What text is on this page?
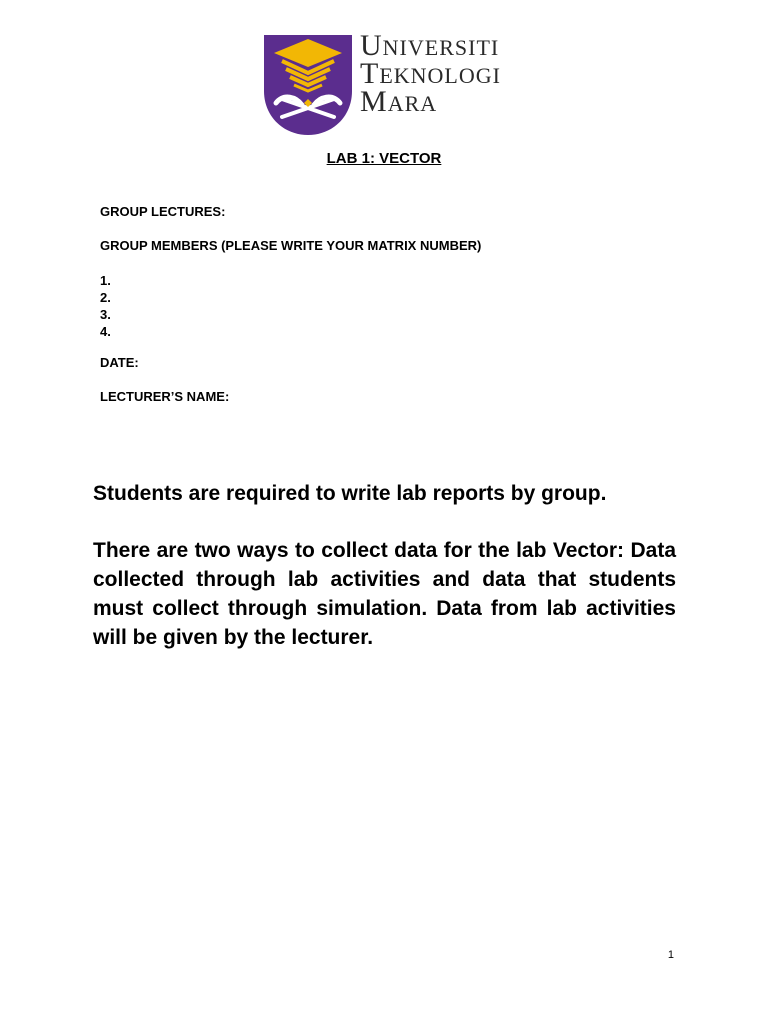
UNIVERSITI
TEKNOLOGI
MARA
LAB 1: VECTOR
GROUP LECTURES:
GROUP MEMBERS (PLEASE WRITE YOUR MATRIX NUMBER)
1.
2.
3.
4.
DATE:
LECTURER’S NAME:

Students are required to write lab reports by group.

There are two ways to collect data for the lab Vector: Data collected through lab activities and data that students must collect through simulation. Data from lab activities will be given by the lecturer.

1
